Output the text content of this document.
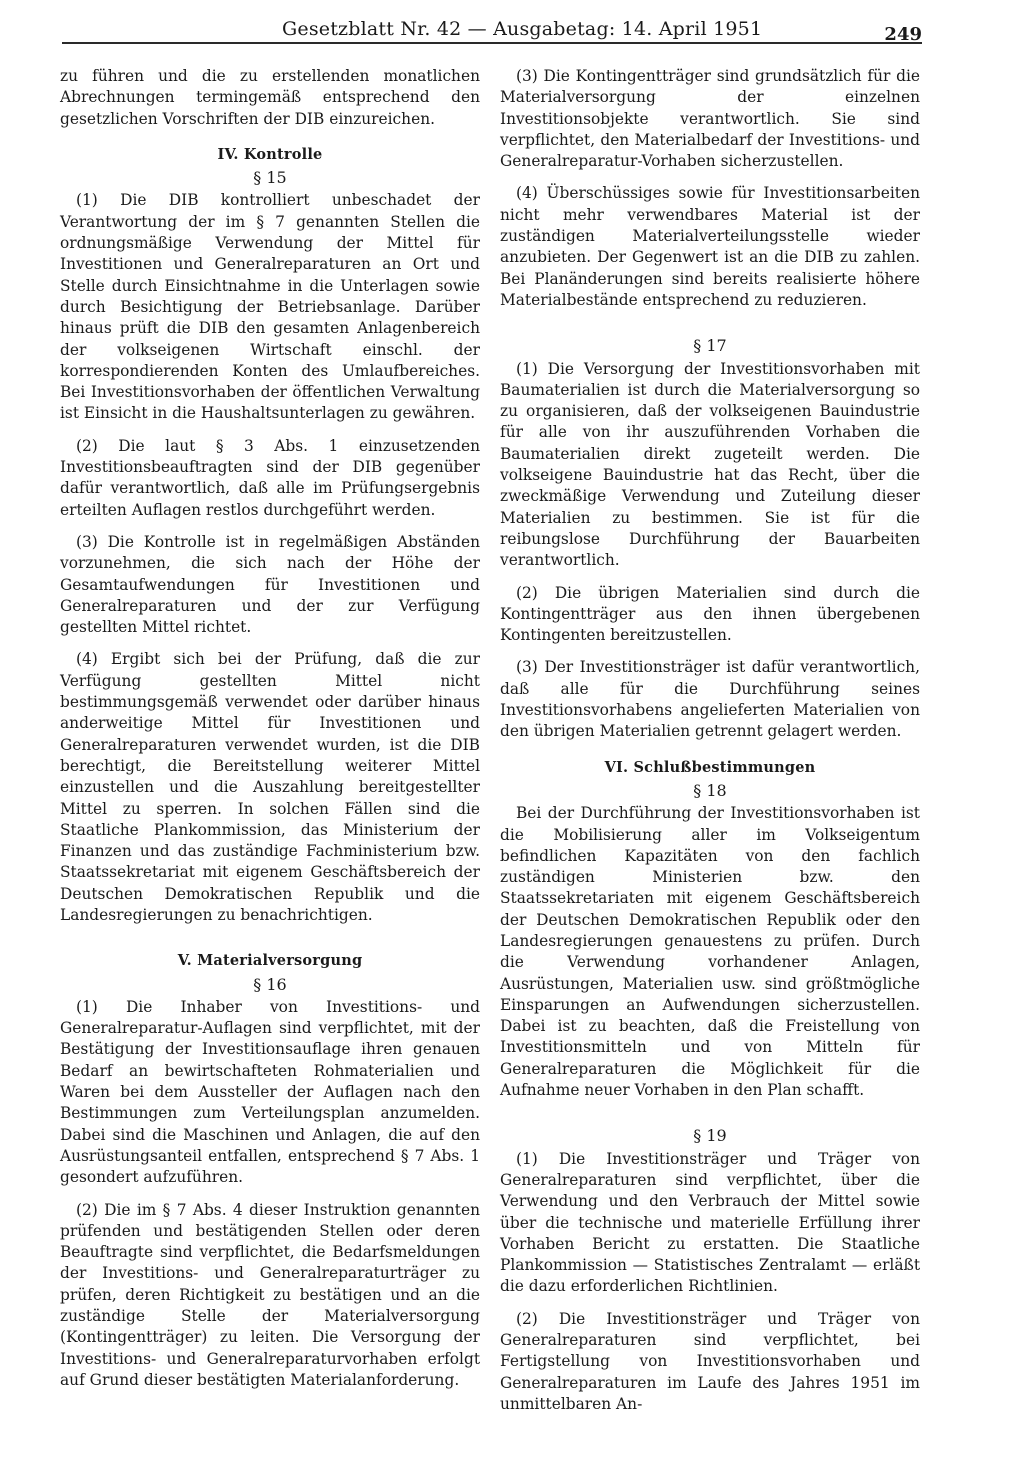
Gesetzblatt Nr. 42 — Ausgabetag: 14. April 1951	249

zu führen und die zu erstellenden monatlichen Abrechnungen termingemäß entsprechend den gesetzlichen Vorschriften der DIB einzureichen.

IV. Kontrolle
§ 15

(1) Die DIB kontrolliert unbeschadet der Verantwortung der im § 7 genannten Stellen die ordnungsmäßige Verwendung der Mittel für Investitionen und Generalreparaturen an Ort und Stelle durch Einsichtnahme in die Unterlagen sowie durch Besichtigung der Betriebsanlage. Darüber hinaus prüft die DIB den gesamten Anlagenbereich der volkseigenen Wirtschaft einschl. der korrespondierenden Konten des Umlaufbereiches. Bei Investitionsvorhaben der öffentlichen Verwaltung ist Einsicht in die Haushaltsunterlagen zu gewähren.

(2) Die laut § 3 Abs. 1 einzusetzenden Investitionsbeauftragten sind der DIB gegenüber dafür verantwortlich, daß alle im Prüfungsergebnis erteilten Auflagen restlos durchgeführt werden.

(3) Die Kontrolle ist in regelmäßigen Abständen vorzunehmen, die sich nach der Höhe der Gesamtaufwendungen für Investitionen und Generalreparaturen und der zur Verfügung gestellten Mittel richtet.

(4) Ergibt sich bei der Prüfung, daß die zur Verfügung gestellten Mittel nicht bestimmungsgemäß verwendet oder darüber hinaus anderweitige Mittel für Investitionen und Generalreparaturen verwendet wurden, ist die DIB berechtigt, die Bereitstellung weiterer Mittel einzustellen und die Auszahlung bereitgestellter Mittel zu sperren. In solchen Fällen sind die Staatliche Plankommission, das Ministerium der Finanzen und das zuständige Fachministerium bzw. Staatssekretariat mit eigenem Geschäftsbereich der Deutschen Demokratischen Republik und die Landesregierungen zu benachrichtigen.

V. Materialversorgung
§ 16

(1) Die Inhaber von Investitions- und Generalreparatur-Auflagen sind verpflichtet, mit der Bestätigung der Investitionsauflage ihren genauen Bedarf an bewirtschafteten Rohmaterialien und Waren bei dem Aussteller der Auflagen nach den Bestimmungen zum Verteilungsplan anzumelden. Dabei sind die Maschinen und Anlagen, die auf den Ausrüstungsanteil entfallen, entsprechend § 7 Abs. 1 gesondert aufzuführen.

(2) Die im § 7 Abs. 4 dieser Instruktion genannten prüfenden und bestätigenden Stellen oder deren Beauftragte sind verpflichtet, die Bedarfsmeldungen der Investitions- und Generalreparaturträger zu prüfen, deren Richtigkeit zu bestätigen und an die zuständige Stelle der Materialversorgung (Kontingentträger) zu leiten. Die Versorgung der Investitions- und Generalreparaturvorhaben erfolgt auf Grund dieser bestätigten Materialanforderung.

(3) Die Kontingentträger sind grundsätzlich für die Materialversorgung der einzelnen Investitionsobjekte verantwortlich. Sie sind verpflichtet, den Materialbedarf der Investitions- und Generalreparatur-Vorhaben sicherzustellen.

(4) Überschüssiges sowie für Investitionsarbeiten nicht mehr verwendbares Material ist der zuständigen Materialverteilungsstelle wieder anzubieten. Der Gegenwert ist an die DIB zu zahlen. Bei Planänderungen sind bereits realisierte höhere Materialbestände entsprechend zu reduzieren.

§ 17

(1) Die Versorgung der Investitionsvorhaben mit Baumaterialien ist durch die Materialversorgung so zu organisieren, daß der volkseigenen Bauindustrie für alle von ihr auszuführenden Vorhaben die Baumaterialien direkt zugeteilt werden. Die volkseigene Bauindustrie hat das Recht, über die zweckmäßige Verwendung und Zuteilung dieser Materialien zu bestimmen. Sie ist für die reibungslose Durchführung der Bauarbeiten verantwortlich.

(2) Die übrigen Materialien sind durch die Kontingentträger aus den ihnen übergebenen Kontingenten bereitzustellen.

(3) Der Investitionsträger ist dafür verantwortlich, daß alle für die Durchführung seines Investitionsvorhabens angelieferten Materialien von den übrigen Materialien getrennt gelagert werden.

VI. Schlußbestimmungen
§ 18

Bei der Durchführung der Investitionsvorhaben ist die Mobilisierung aller im Volkseigentum befindlichen Kapazitäten von den fachlich zuständigen Ministerien bzw. den Staatssekretariaten mit eigenem Geschäftsbereich der Deutschen Demokratischen Republik oder den Landesregierungen genauestens zu prüfen. Durch die Verwendung vorhandener Anlagen, Ausrüstungen, Materialien usw. sind größtmögliche Einsparungen an Aufwendungen sicherzustellen. Dabei ist zu beachten, daß die Freistellung von Investitionsmitteln und von Mitteln für Generalreparaturen die Möglichkeit für die Aufnahme neuer Vorhaben in den Plan schafft.

§ 19

(1) Die Investitionsträger und Träger von Generalreparaturen sind verpflichtet, über die Verwendung und den Verbrauch der Mittel sowie über die technische und materielle Erfüllung ihrer Vorhaben Bericht zu erstatten. Die Staatliche Plankommission — Statistisches Zentralamt — erläßt die dazu erforderlichen Richtlinien.

(2) Die Investitionsträger und Träger von Generalreparaturen sind verpflichtet, bei Fertigstellung von Investitionsvorhaben und Generalreparaturen im Laufe des Jahres 1951 im unmittelbaren An-
